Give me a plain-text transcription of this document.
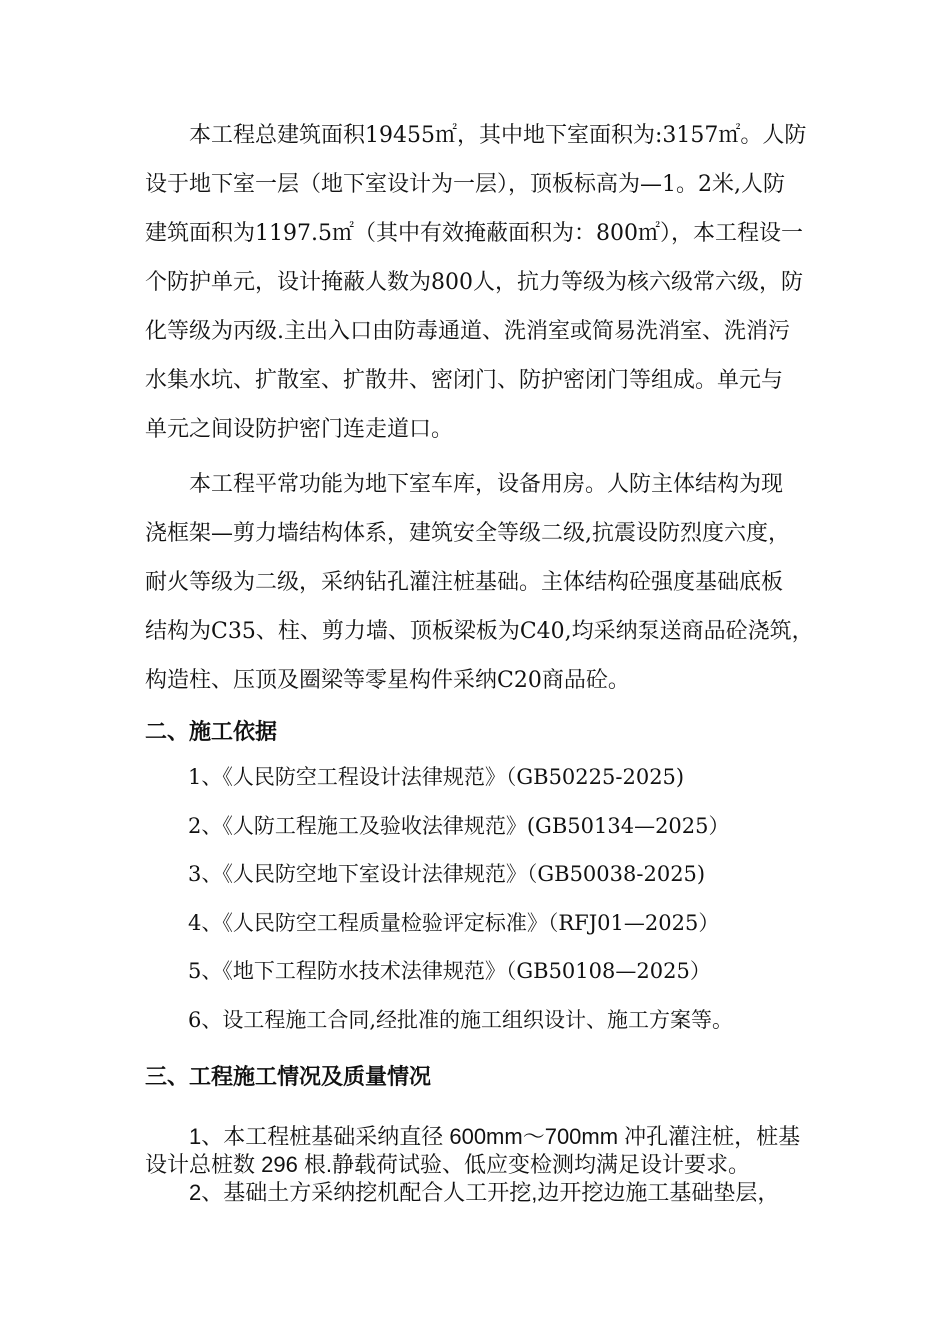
　　本工程总建筑面积19455㎡，其中地下室面积为:3157㎡。人防
设于地下室一层（地下室设计为一层），顶板标高为—1。2米,人防
建筑面积为1197.5㎡（其中有效掩蔽面积为：800㎡），本工程设一
个防护单元，设计掩蔽人数为800人，抗力等级为核六级常六级，防
化等级为丙级.主出入口由防毒通道、洗消室或简易洗消室、洗消污
水集水坑、扩散室、扩散井、密闭门、防护密闭门等组成。单元与
单元之间设防护密门连走道口。

　　本工程平常功能为地下室车库，设备用房。人防主体结构为现
浇框架—剪力墙结构体系，建筑安全等级二级,抗震设防烈度六度，
耐火等级为二级，采纳钻孔灌注桩基础。主体结构砼强度基础底板
结构为C35、柱、剪力墙、顶板梁板为C40,均采纳泵送商品砼浇筑，
构造柱、压顶及圈梁等零星构件采纳C20商品砼。

二、施工依据
1、《人民防空工程设计法律规范》（GB50225-2025)
2、《人防工程施工及验收法律规范》(GB50134—2025）
3、《人民防空地下室设计法律规范》（GB50038-2025)
4、《人民防空工程质量检验评定标准》（RFJ01—2025）
5、《地下工程防水技术法律规范》（GB50108—2025）
6、设工程施工合同,经批准的施工组织设计、施工方案等。
三、工程施工情况及质量情况

　　1、本工程桩基础采纳直径 600mm～700mm 冲孔灌注桩，桩基
设计总桩数 296 根.静载荷试验、低应变检测均满足设计要求。
　　2、基础土方采纳挖机配合人工开挖,边开挖边施工基础垫层，
